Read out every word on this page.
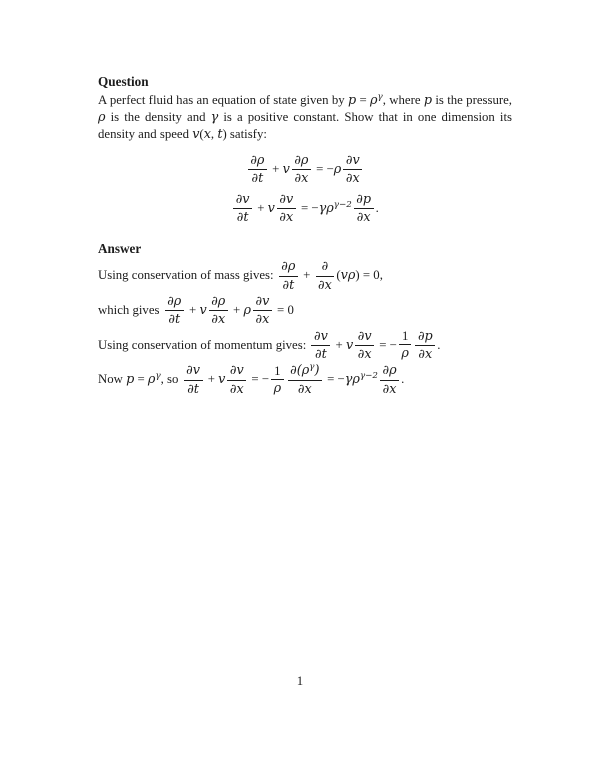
Question

A perfect fluid has an equation of state given by $p = \rho^\gamma$, where p is the pressure, ρ is the density and γ is a positive constant. Show that in one dimension its density and speed v(x, t) satisfy:

$\frac{\partial\rho}{\partial t} + v \frac{\partial\rho}{\partial x} = -\rho \frac{\partial v}{\partial x}$
$\frac{\partial v}{\partial t} + v \frac{\partial v}{\partial x} = -\gamma\rho^{\gamma-2} \frac{\partial p}{\partial x}$ .

Answer

Using conservation of mass gives: $\frac{\partial\rho}{\partial t}$ +
∂
∂x
(vρ) = 0,
which gives $\frac{\partial\rho}{\partial t} + v \frac{\partial\rho}{\partial x} + \rho \frac{\partial v}{\partial x} = 0$
Using conservation of momentum gives: $\frac{\partial v}{\partial t} + v \frac{\partial v}{\partial x}$ = − $\frac{1}{\rho} \frac{\partial p}{\partial x}$ .
Now $p = \rho^\gamma$, so $\frac{\partial v}{\partial t} + v \frac{\partial v}{\partial x}$ = − $\frac{1}{\rho} \frac{\partial(\rho^\gamma)}{\partial x} = -\gamma\rho^{\gamma-2} \frac{\partial\rho}{\partial x}$ .
1
